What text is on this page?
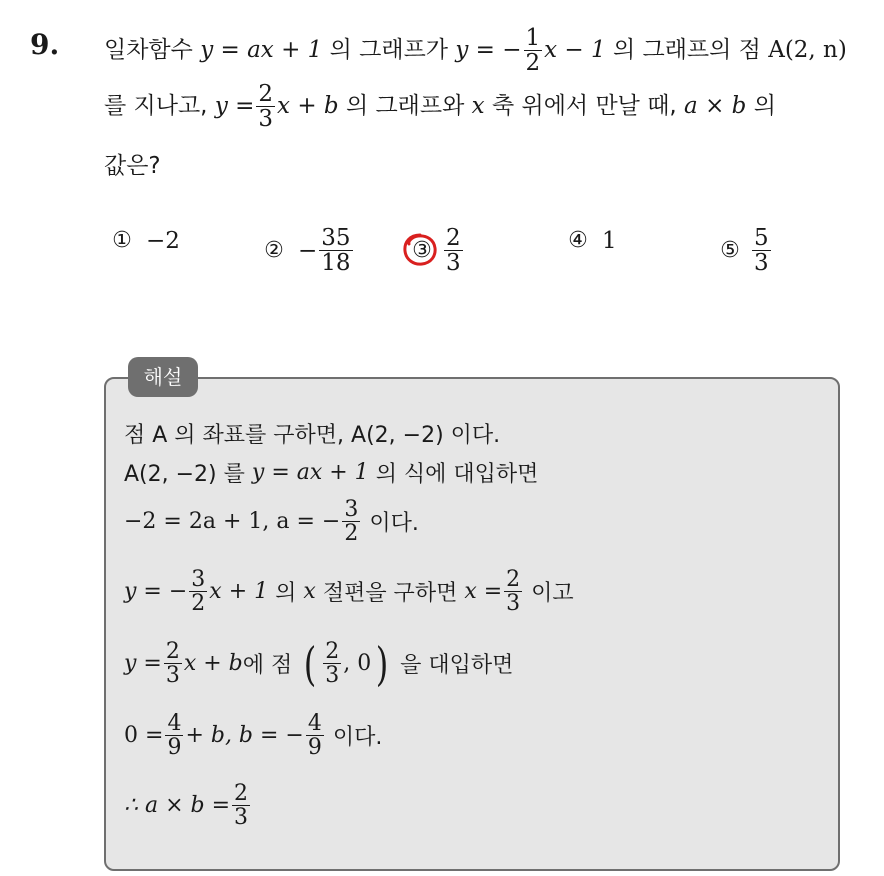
9. 일차함수
y = ax + 1
의 그래프가
y = − $\frac{1}{2}$ x − 1
의 그래프의 점
A(2, n)
를 지나고,
$y = \frac{2}{3}$ x + b
의 그래프와
x
축 위에서 만날 때,
a × b
의
값은?
① −2	② − $\frac{35}{18}$	③ $\frac{2}{3}$	④ 1	⑤ $\frac{5}{3}$
해설
점 A 의 좌표를 구하면, A(2, −2) 이다.
A(2, −2) 를
y = ax + 1
의 식에 대입하면
−2 = 2a + 1, a = − $\frac{3}{2}$
이다.
y = − $\frac{3}{2}$ x + 1
의
x
절편을 구하면
$x = \frac{2}{3}$
이고
$y = \frac{2}{3}$ x + b 에 점
( $\frac{2}{3}$ , 0 )
을 대입하면
$0 = \frac{4}{9} + b$, b = − $\frac{4}{9}$
이다.
∴ $a \times b = \frac{2}{3}$
